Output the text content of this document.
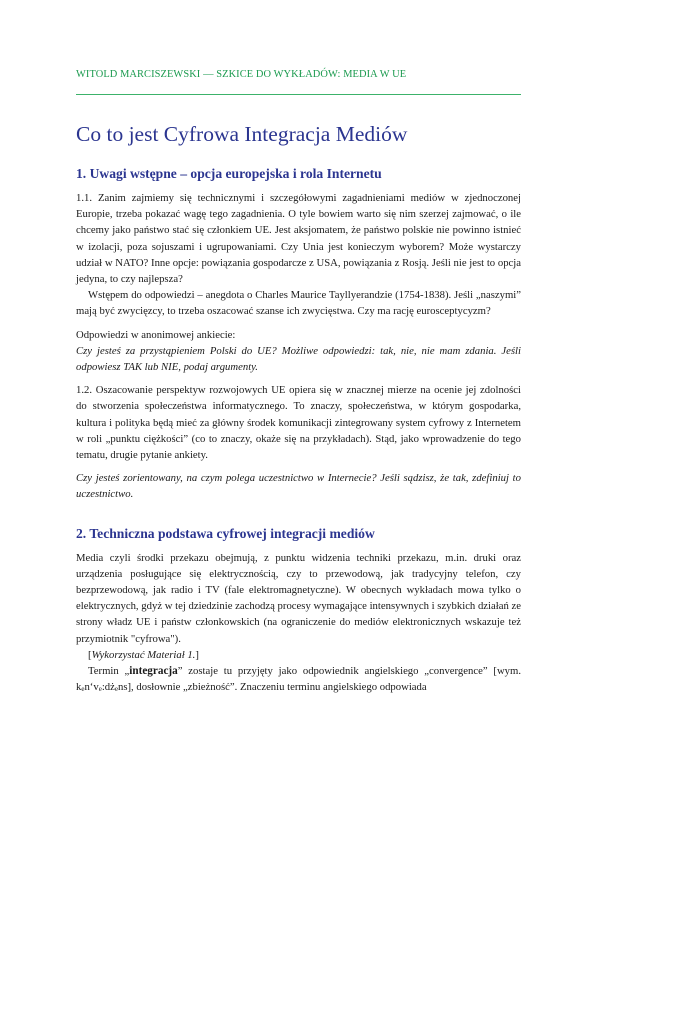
WITOLD MARCISZEWSKI — SZKICE DO WYKŁADÓW: MEDIA W UE
Co to jest Cyfrowa Integracja Mediów
1. Uwagi wstępne – opcja europejska i rola Internetu

1.1. Zanim zajmiemy się technicznymi i szczegółowymi zagadnieniami mediów w zjednoczonej Europie, trzeba pokazać wagę tego zagadnienia. O tyle bowiem warto się nim szerzej zajmować, o ile chcemy jako państwo stać się członkiem UE. Jest aksjomatem, że państwo polskie nie powinno istnieć w izolacji, poza sojuszami i ugrupowaniami. Czy Unia jest konieczym wyborem? Może wystarczy udział w NATO? Inne opcje: powiązania gospodarcze z USA, powiązania z Rosją. Jeśli nie jest to opcja jedyna, to czy najlepsza?

Wstępem do odpowiedzi – anegdota o Charles Maurice Tayllyerandzie (1754-1838). Jeśli „naszymi” mają być zwycięzcy, to trzeba oszacować szanse ich zwycięstwa. Czy ma rację eurosceptycyzm?

Odpowiedzi w anonimowej ankiecie:

Czy jesteś za przystąpieniem Polski do UE? Możliwe odpowiedzi: tak, nie, nie mam zdania. Jeśli odpowiesz TAK lub NIE, podaj argumenty.

1.2. Oszacowanie perspektyw rozwojowych UE opiera się w znacznej mierze na ocenie jej zdolności do stworzenia społeczeństwa informatycznego. To znaczy, społeczeństwa, w którym gospodarka, kultura i polityka będą mieć za główny środek komunikacji zintegrowany system cyfrowy z Internetem w roli „punktu ciężkości” (co to znaczy, okaże się na przykładach). Stąd, jako wprowadzenie do tego tematu, drugie pytanie ankiety.

Czy jesteś zorientowany, na czym polega uczestnictwo w Internecie? Jeśli sądzisz, że tak, zdefiniuj to uczestnictwo.

2. Techniczna podstawa cyfrowej integracji mediów

Media czyli środki przekazu obejmują, z punktu widzenia techniki przekazu, m.in. druki oraz urządzenia posługujące się elektrycznością, czy to przewodową, jak tradycyjny telefon, czy bezprzewodową, jak radio i TV (fale elektromagnetyczne). W obecnych wykładach mowa tylko o elektrycznych, gdyż w tej dziedzinie zachodzą procesy wymagające intensywnych i szybkich działań ze strony władz UE i państw członkowskich (na ograniczenie do mediów elektronicznych wskazuje też przymiotnik "cyfrowa").

[Wykorzystać Materiał 1.]

Termin „integracja” zostaje tu przyjęty jako odpowiednik angielskiego „convergence” [wym. ken‘ve:dżens], dosłownie „zbieżność”. Znaczeniu terminu angielskiego odpowiada
